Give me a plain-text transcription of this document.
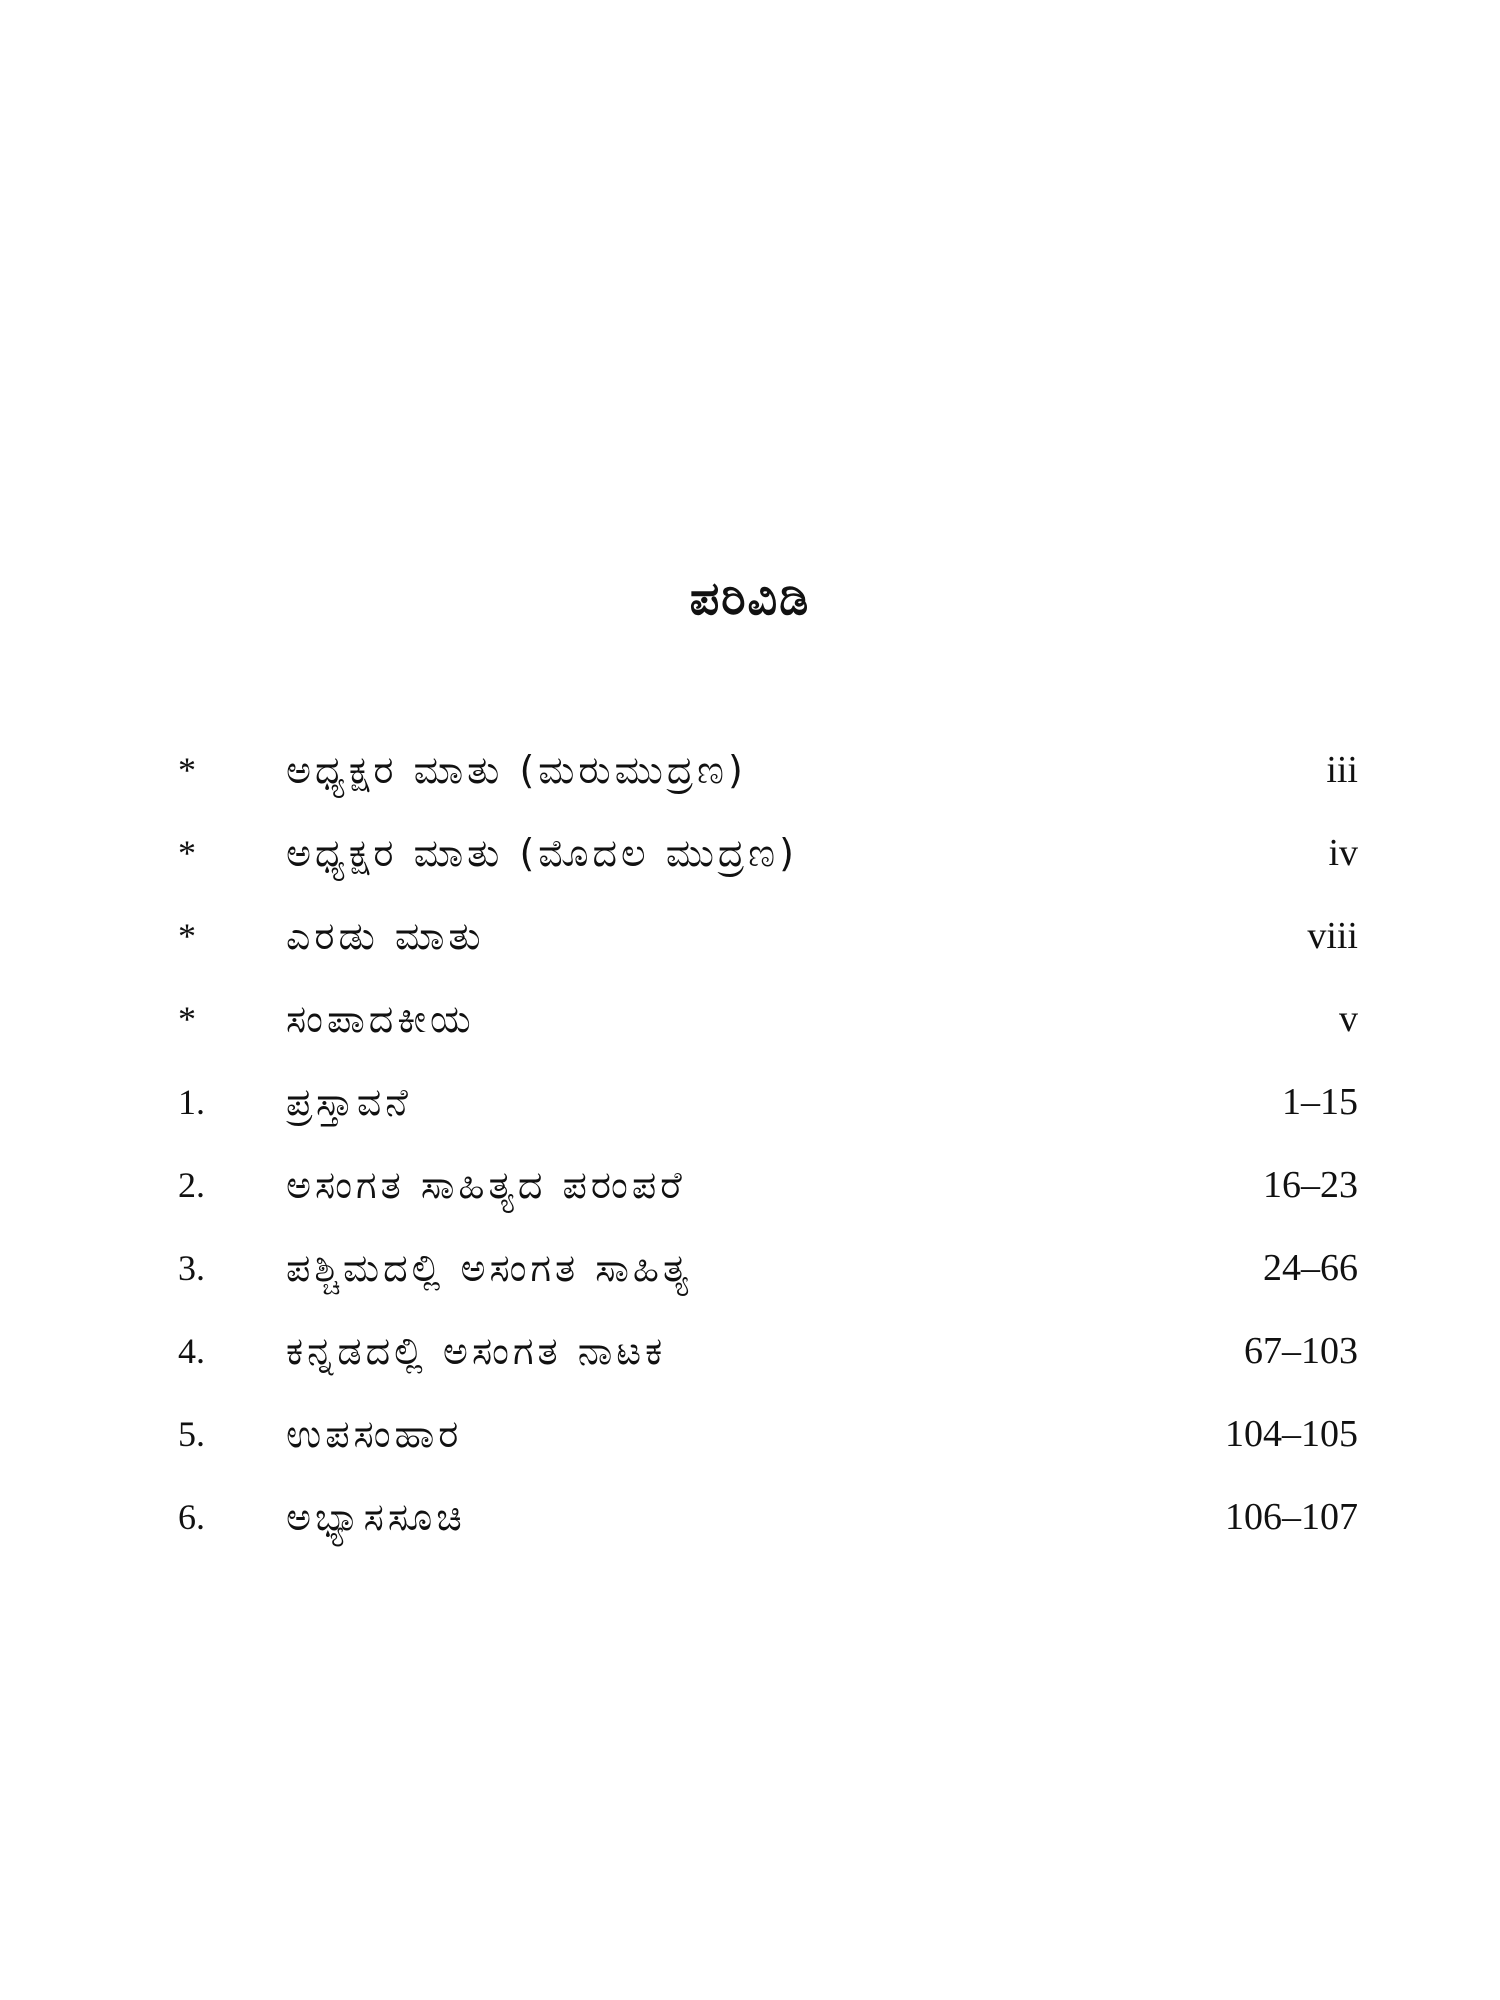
ಪರಿವಿಡಿ
*	ಅಧ್ಯಕ್ಷರ ಮಾತು (ಮರುಮುದ್ರಣ)	iii
*	ಅಧ್ಯಕ್ಷರ ಮಾತು (ಮೊದಲ ಮುದ್ರಣ)	iv
*	ಎರಡು ಮಾತು	viii
*	ಸಂಪಾದಕೀಯ	v
1.	ಪ್ರಸ್ತಾವನೆ	1–15
2.	ಅಸಂಗತ ಸಾಹಿತ್ಯದ ಪರಂಪರೆ	16–23
3.	ಪಶ್ಚಿಮದಲ್ಲಿ ಅಸಂಗತ ಸಾಹಿತ್ಯ	24–66
4.	ಕನ್ನಡದಲ್ಲಿ ಅಸಂಗತ ನಾಟಕ	67–103
5.	ಉಪಸಂಹಾರ	104–105
6.	ಅಭ್ಯಾಸಸೂಚಿ	106–107
